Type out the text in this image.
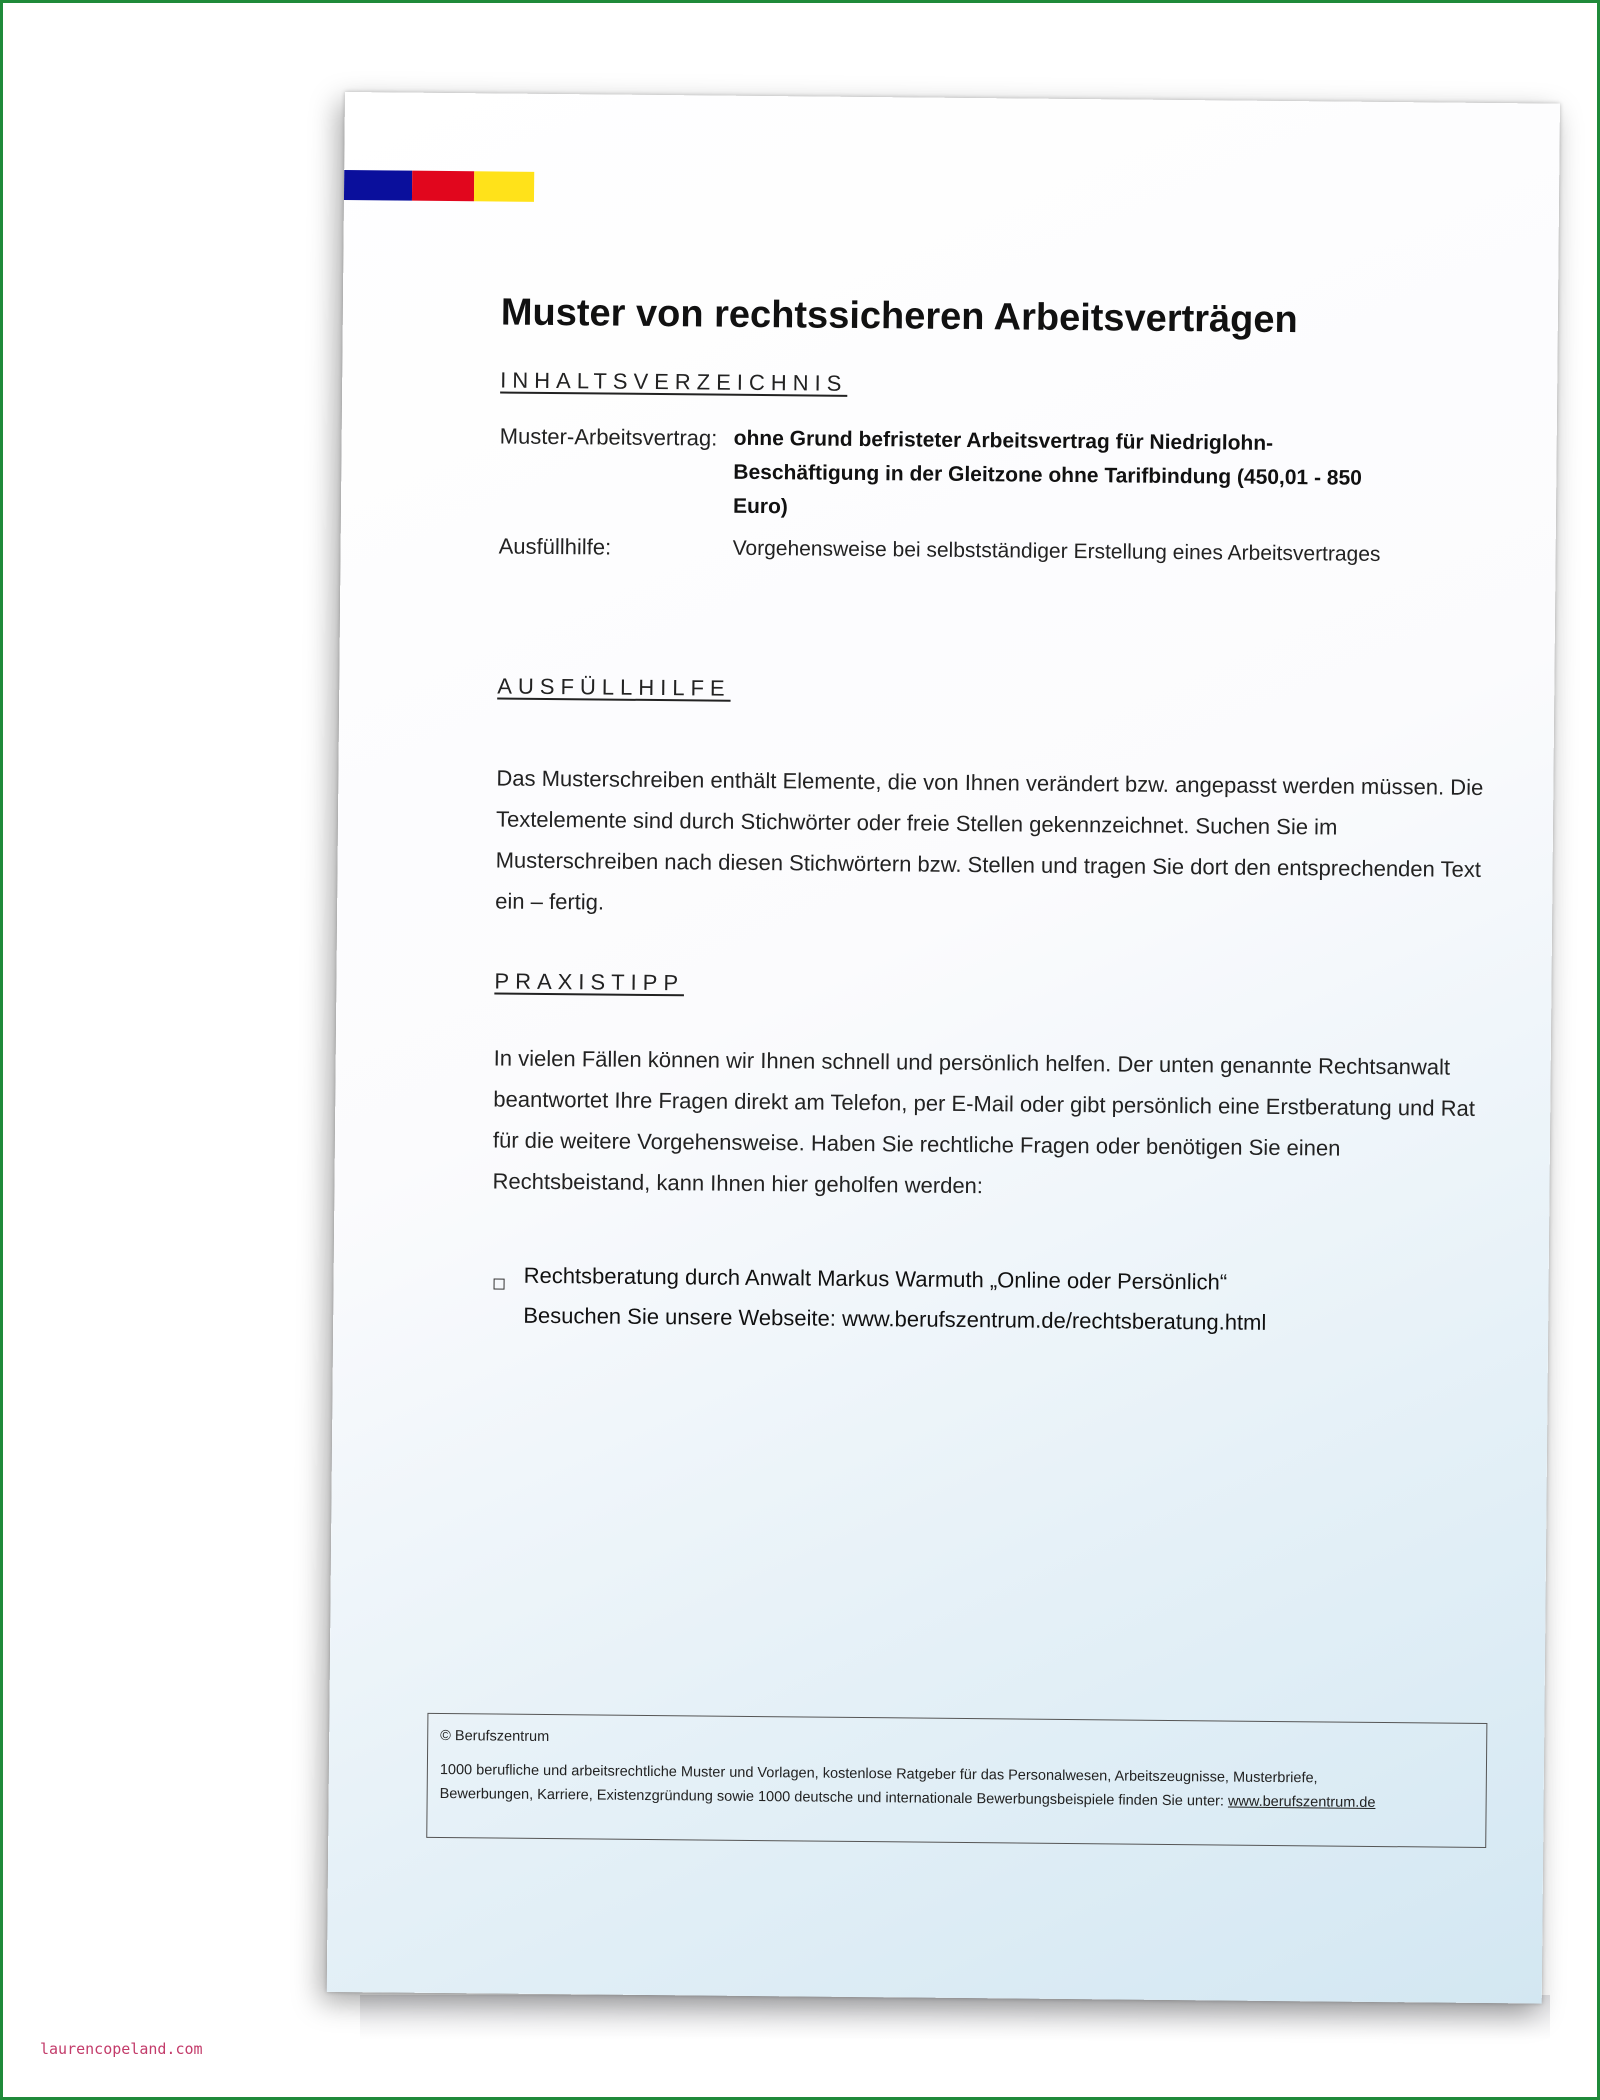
Muster von rechtssicheren Arbeitsverträgen
INHALTSVERZEICHNIS
Muster-Arbeitsvertrag: ohne Grund befristeter Arbeitsvertrag für Niedriglohn-
Beschäftigung in der Gleitzone ohne Tarifbindung (450,01 - 850
Euro)
Ausfüllhilfe:	Vorgehensweise bei selbstständiger Erstellung eines Arbeitsvertrages
AUSFÜLLHILFE

Das Musterschreiben enthält Elemente, die von Ihnen verändert bzw. angepasst werden müssen. Die Textelemente sind durch Stichwörter oder freie Stellen gekennzeichnet. Suchen Sie im Musterschreiben nach diesen Stichwörtern bzw. Stellen und tragen Sie dort den entsprechenden Text ein – fertig.

PRAXISTIPP

In vielen Fällen können wir Ihnen schnell und persönlich helfen. Der unten genannte Rechtsanwalt beantwortet Ihre Fragen direkt am Telefon, per E-Mail oder gibt persönlich eine Erstberatung und Rat für die weitere Vorgehensweise. Haben Sie rechtliche Fragen oder benötigen Sie einen Rechtsbeistand, kann Ihnen hier geholfen werden:

Rechtsberatung durch Anwalt Markus Warmuth „Online oder Persönlich“
Besuchen Sie unsere Webseite: www.berufszentrum.de/rechtsberatung.html

© Berufszentrum

1000 berufliche und arbeitsrechtliche Muster und Vorlagen, kostenlose Ratgeber für das Personalwesen, Arbeitszeugnisse, Musterbriefe,

Bewerbungen, Karriere, Existenzgründung sowie 1000 deutsche und internationale Bewerbungsbeispiele finden Sie unter: www.berufszentrum.de

laurencopeland.com
